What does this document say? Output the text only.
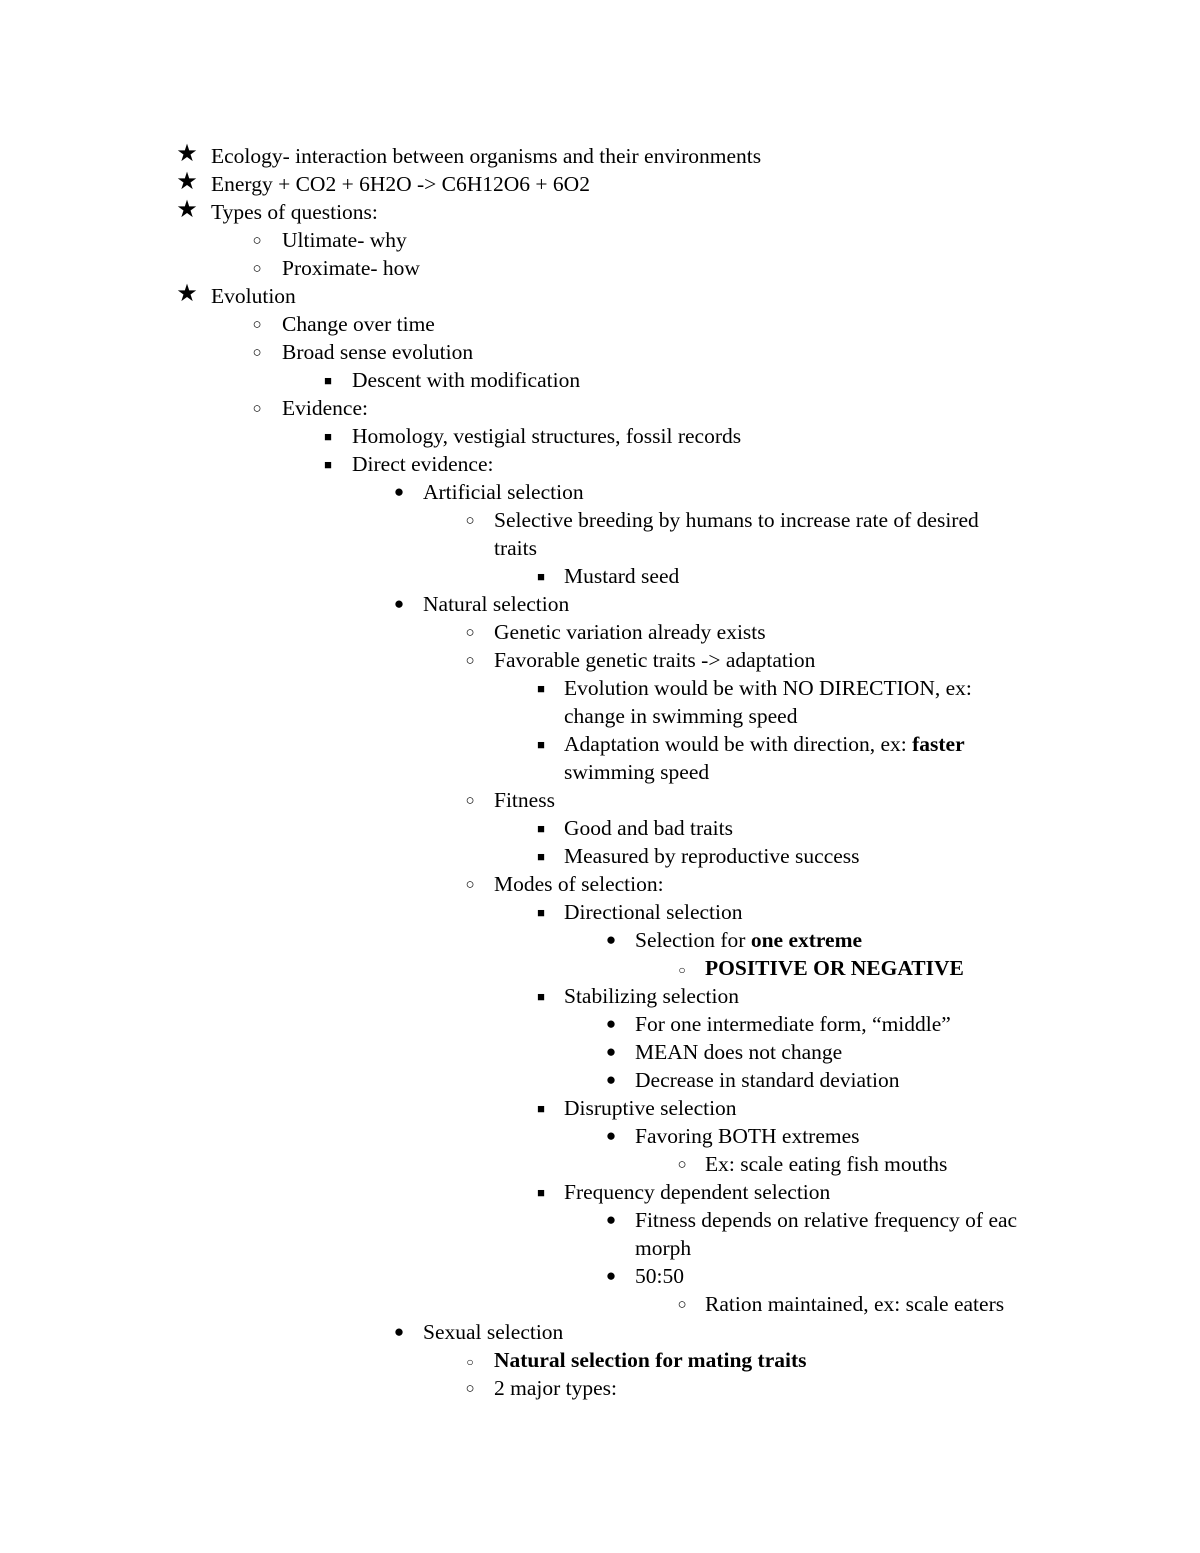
★ Ecology- interaction between organisms and their environments
★ Energy + CO2 + 6H2O -> C6H12O6 + 6O2
★ Types of questions:
○ Ultimate- why
○ Proximate- how
★ Evolution
○ Change over time
○ Broad sense evolution
■ Descent with modification
○ Evidence:
■ Homology, vestigial structures, fossil records
■ Direct evidence:
● Artificial selection
○ Selective breeding by humans to increase rate of desired
traits
■ Mustard seed
● Natural selection
○ Genetic variation already exists
○ Favorable genetic traits -> adaptation
■ Evolution would be with NO DIRECTION, ex:
change in swimming speed
■ Adaptation would be with direction, ex: faster
swimming speed
○ Fitness
■ Good and bad traits
■ Measured by reproductive success
○ Modes of selection:
■ Directional selection
● Selection for one extreme
○ POSITIVE OR NEGATIVE
■ Stabilizing selection
● For one intermediate form, “middle”
● MEAN does not change
● Decrease in standard deviation
■ Disruptive selection
● Favoring BOTH extremes
○ Ex: scale eating fish mouths
■ Frequency dependent selection
● Fitness depends on relative frequency of eac
morph
● 50:50
○ Ration maintained, ex: scale eaters
● Sexual selection
○ Natural selection for mating traits
○ 2 major types:
